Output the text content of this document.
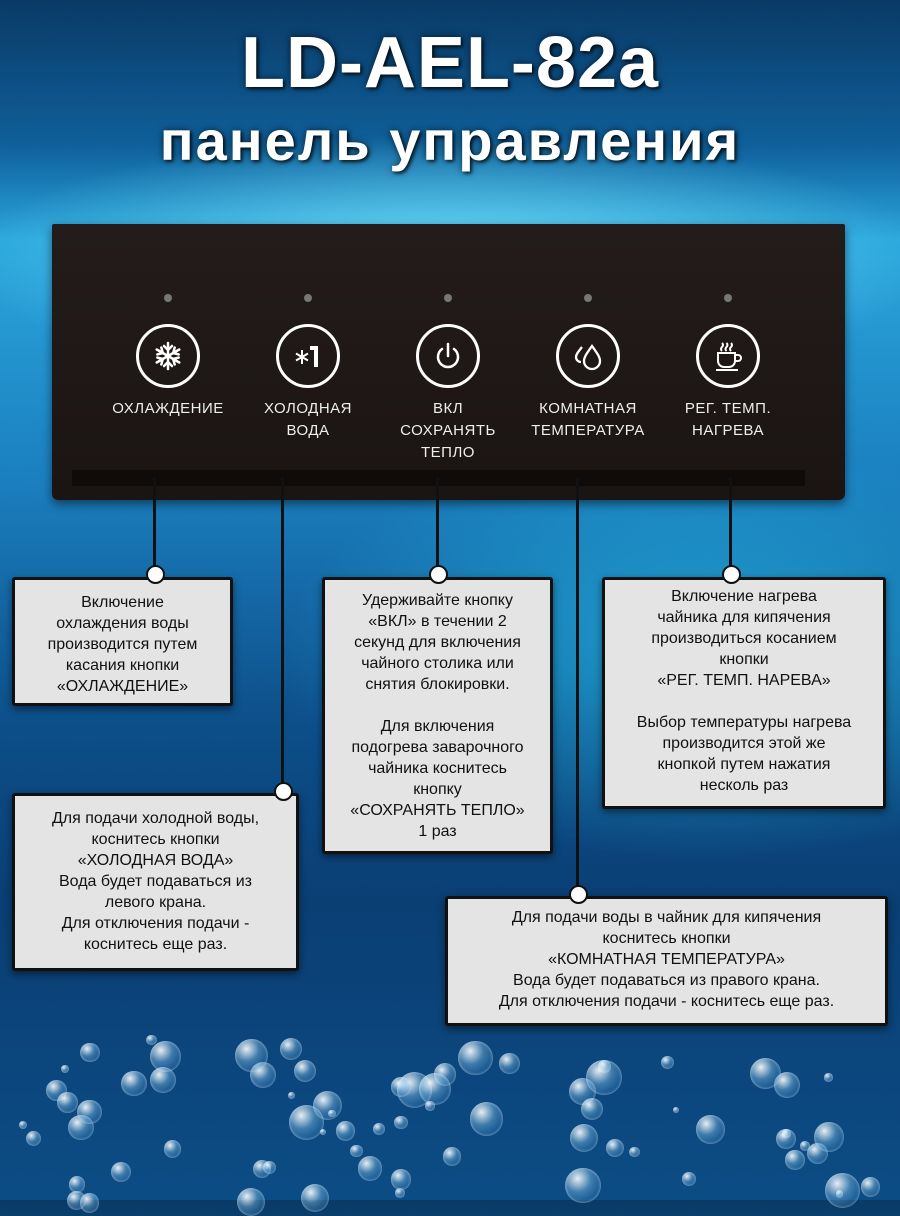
LD-AEL-82a
панель управления
ОХЛАЖДЕНИЕ	ХОЛОДНАЯ
ВОДА
ВКЛ
СОХРАНЯТЬ
ТЕПЛО
КОМНАТНАЯ
ТЕМПЕРАТУРА
РЕГ. ТЕМП.
НАГРЕВА
Включение
охлаждения воды
производится путем
касания кнопки
«ОХЛАЖДЕНИЕ»
Для подачи холодной воды,
коснитесь кнопки
«ХОЛОДНАЯ ВОДА»
Вода будет подаваться из
левого крана.
Для отключения подачи -
коснитесь еще раз.
Удерживайте кнопку
«ВКЛ» в течении 2
секунд для включения
чайного столика или
снятия блокировки.
Для включения
подогрева заварочного
чайника коснитесь
кнопку
«СОХРАНЯТЬ ТЕПЛО»
1 раз
Включение нагрева
чайника для кипячения
производиться косанием
кнопки
«РЕГ. ТЕМП. НАРЕВА»
Выбор температуры нагрева
производится этой же
кнопкой путем нажатия
несколь раз
Для подачи воды в чайник для кипячения
коснитесь кнопки
«КОМНАТНАЯ ТЕМПЕРАТУРА»
Вода будет подаваться из правого крана.
Для отключения подачи - коснитесь еще раз.
